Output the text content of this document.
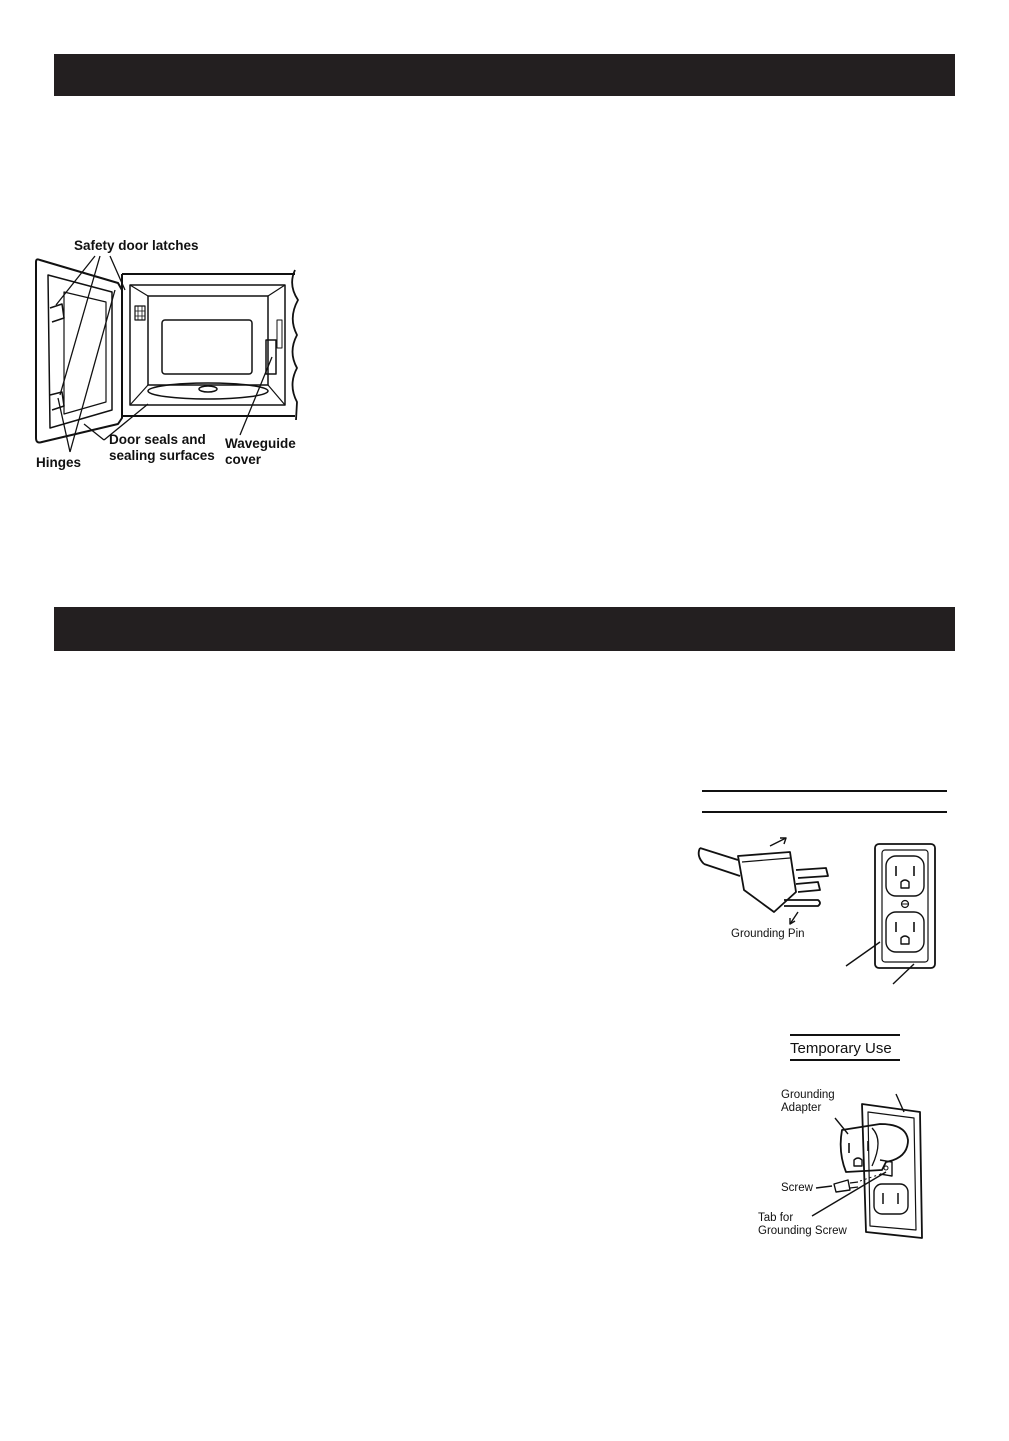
Safety door latches
Hinges
Door seals and
sealing surfaces
Waveguide
cover
Grounding Pin
Temporary Use
Grounding
Adapter
Screw
Tab for
Grounding Screw
